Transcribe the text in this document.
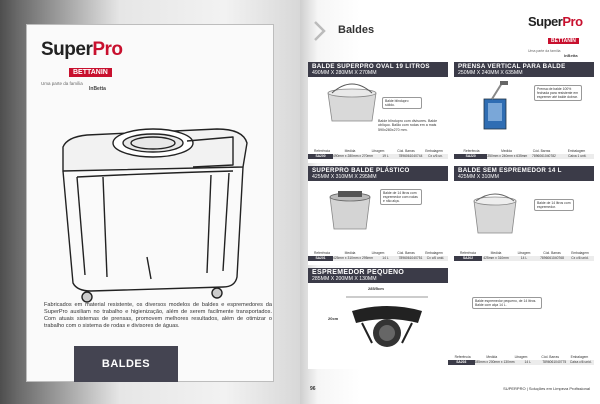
SuperPro
BETTANIN
Uma parte da família
InBetta

Fabricados em material resistente, os diversos modelos de baldes e espremedores da SuperPro auxiliam no trabalho e higienização, além de serem facilmente transportados. Com atuais sistemas de prensas, promovem melhores resultados, além de otimizar o trabalho com o sistema de rodas e divisores de águas.

BALDES
Baldes
SuperPro
BETTANIN
Uma parte da família
InBetta
BALDE SUPERPRO OVAL 19 LITROS
490MM X 280MM X 270MM
Balde blindupro sólido.
Balde blindupro com divisores. Balde oblíquo. Balão com rodas em a mais 590x280x270 mm.
Referência	Medida	Litragem	Cód. Barras	Embalagem
SA200	490mm x 280mm x 270mm	19 L	7896061040744	Cx c/6 un.
PRENSA VERTICAL PARA BALDE
250MM X 240MM X 635MM
Prensa de balde 100% fechada para resistente em espremer até balde dobrar.
Referência	Medida	Cód. Barras	Embalagem
SA220	250mm x 240mm x 635mm	7896061040782	Caixa 1 unit.
SUPERPRO BALDE PLÁSTICO
425MM X 310MM X 295MM
Balde de 14 litros com espremedor com rodas e não alça.
Referência	Medida	Litragem	Cód. Barras	Embalagem
SA201	425mm x 310mm x 295mm	14 L	7896061040751	Cx c/6 unid.
BALDE SEM ESPREMEDOR 14 L
425MM X 310MM
Balde de 14 litros com espremedor.
Referência	Medida	Litragem	Cód. Barras	Embalagem
SA202	425mm x 310mm	14 L	7896061040768	Cx c/6 unid.
ESPREMEDOR PEQUENO
285MM X 200MM X 130MM
285/5cm
20cm
Balde espremedor pequeno, de 14 litros. Balde com alça 14 L.
Referência	Medida	Litragem	Cód. Barras	Embalagem
SA203	285mm x 200mm x 130mm	14 L	7896061040775	Caixa c/6 unid.
96	SUPERPRO | Soluções em Limpeza Profissional
